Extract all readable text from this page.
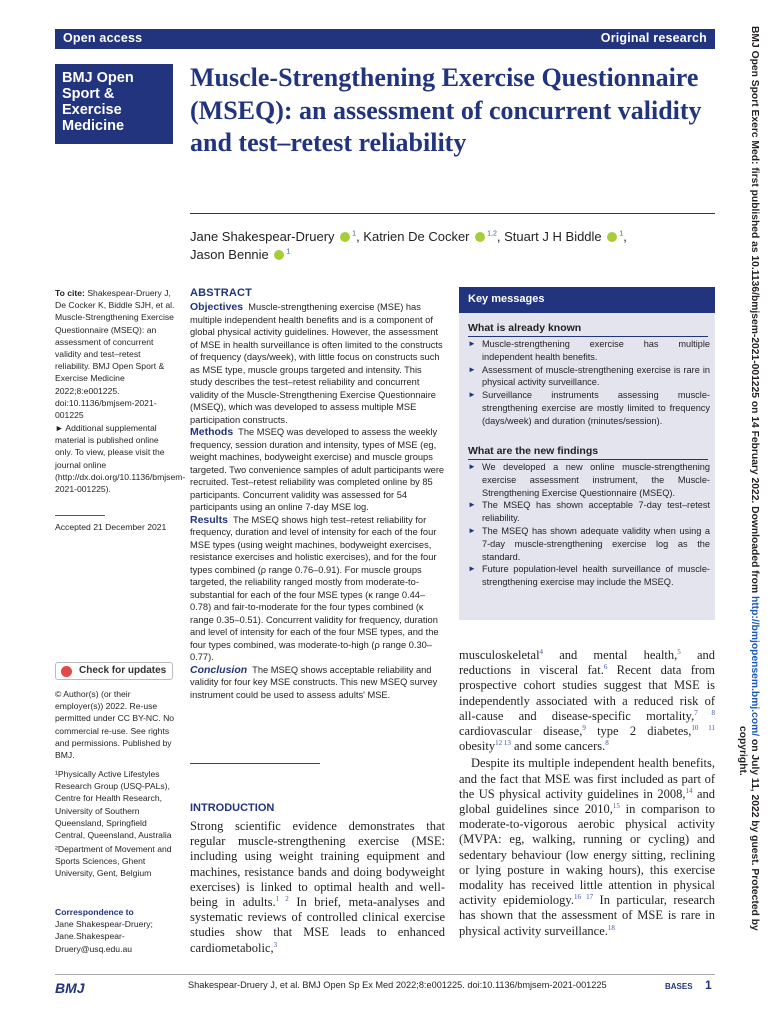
Open access	Original research
BMJ Open
Sport &
Exercise
Medicine
Muscle-Strengthening Exercise Questionnaire (MSEQ): an assessment of concurrent validity and test–retest reliability
Jane Shakespear-Druery	$^1$, Katrien De Cocker	$^{1,2}$, Stuart J H Biddle	$^1$,
Jason Bennie	$^1$
To cite: Shakespear-Druery J, De Cocker K, Biddle SJH, et al. Muscle-Strengthening Exercise Questionnaire (MSEQ): an assessment of concurrent validity and test–retest reliability. BMJ Open Sport & Exercise Medicine 2022;8:e001225. doi:10.1136/bmjsem-2021-001225
► Additional supplemental material is published online only. To view, please visit the journal online (http://dx.doi.org/10.1136/bmjsem-2021-001225).
Accepted 21 December 2021
Check for updates
© Author(s) (or their employer(s)) 2022. Re-use permitted under CC BY-NC. No commercial re-use. See rights and permissions. Published by BMJ.
¹Physically Active Lifestyles Research Group (USQ-PALs), Centre for Health Research, University of Southern Queensland, Springfield Central, Queensland, Australia
²Department of Movement and Sports Sciences, Ghent University, Gent, Belgium
Correspondence to
Jane Shakespear-Druery; Jane.Shakespear-Druery@usq.edu.au
ABSTRACT

Objectives Muscle-strengthening exercise (MSE) has multiple independent health benefits and is a component of global physical activity guidelines. However, the assessment of MSE in health surveillance is often limited to the constructs of frequency (days/week), with little focus on constructs such as MSE type, muscle groups targeted and intensity. This study describes the test–retest reliability and concurrent validity of the Muscle-Strengthening Exercise Questionnaire (MSEQ), which was developed to assess multiple MSE participation constructs.

Methods The MSEQ was developed to assess the weekly frequency, session duration and intensity, types of MSE (eg, weight machines, bodyweight exercise) and muscle groups targeted. Two convenience samples of adult participants were recruited. Test–retest reliability was completed online by 85 participants. Concurrent validity was assessed for 54 participants using an online 7-day MSE log.

Results The MSEQ shows high test–retest reliability for frequency, duration and level of intensity for each of the four MSE types (using weight machines, bodyweight exercises, resistance exercises and holistic exercises), and for the four types combined (ρ range 0.76–0.91). For muscle groups targeted, the reliability ranged mostly from moderate-to-substantial for each of the four MSE types (κ range 0.44–0.78) and fair-to-moderate for the four types combined (κ range 0.35–0.51). Concurrent validity for frequency, duration and level of intensity for each of the four MSE types, and the four types combined, was moderate-to-high (ρ range 0.30–0.77).

Conclusion The MSEQ shows acceptable reliability and validity for four key MSE constructs. This new MSEQ survey instrument could be used to assess adults' MSE.

INTRODUCTION

Strong scientific evidence demonstrates that regular muscle-strengthening exercise (MSE: including using weight training equipment and machines, resistance bands and doing bodyweight exercises) is linked to optimal health and well-being in adults.$^{1 2}$ In brief, meta-analyses and systematic reviews of controlled clinical exercise studies show that MSE leads to enhanced cardiometabolic,$^3$

Key messages
What is already known
► Muscle-strengthening exercise has multiple independent health benefits.
► Assessment of muscle-strengthening exercise is rare in physical activity surveillance.
► Surveillance instruments assessing muscle-strengthening exercise are mostly limited to frequency (days/week) and duration (minutes/session).
What are the new findings
► We developed a new online muscle-strengthening exercise assessment instrument, the Muscle-Strengthening Exercise Questionnaire (MSEQ).
► The MSEQ has shown acceptable 7-day test–retest reliability.
► The MSEQ has shown adequate validity when using a 7-day muscle-strengthening exercise log as the standard.
► Future population-level health surveillance of muscle-strengthening exercise may include the MSEQ.

musculoskeletal$^4$ and mental health,$^5$ and reductions in visceral fat.$^6$ Recent data from prospective cohort studies suggest that MSE is independently associated with a reduced risk of all-cause and disease-specific mortality,$^{7 8}$ cardiovascular disease,$^9$ type 2 diabetes,$^{10 11}$ obesity$^{12 13}$ and some cancers.$^8$

Despite its multiple independent health benefits, and the fact that MSE was first included as part of the US physical activity guidelines in 2008,14 and global guidelines since 2010,15 in comparison to moderate-to-vigorous aerobic physical activity (MVPA: eg, walking, running or cycling) and sedentary behaviour (low energy sitting, reclining or lying posture in waking hours), this exercise modality has received little attention in physical activity epidemiology.$^{16 17}$ In particular, research has shown that the assessment of MSE is rare in physical activity surveillance.$^{18}$

BMJ	Shakespear-Druery J, et al. BMJ Open Sp Ex Med 2022;8:e001225. doi:10.1136/bmjsem-2021-001225	BASES 1
BMJ Open Sport Exerc Med: first published as 10.1136/bmjsem-2021-001225 on 14 February 2022. Downloaded from http://bmjopensem.bmj.com/ on July 11, 2022 by guest. Protected by
copyright.
